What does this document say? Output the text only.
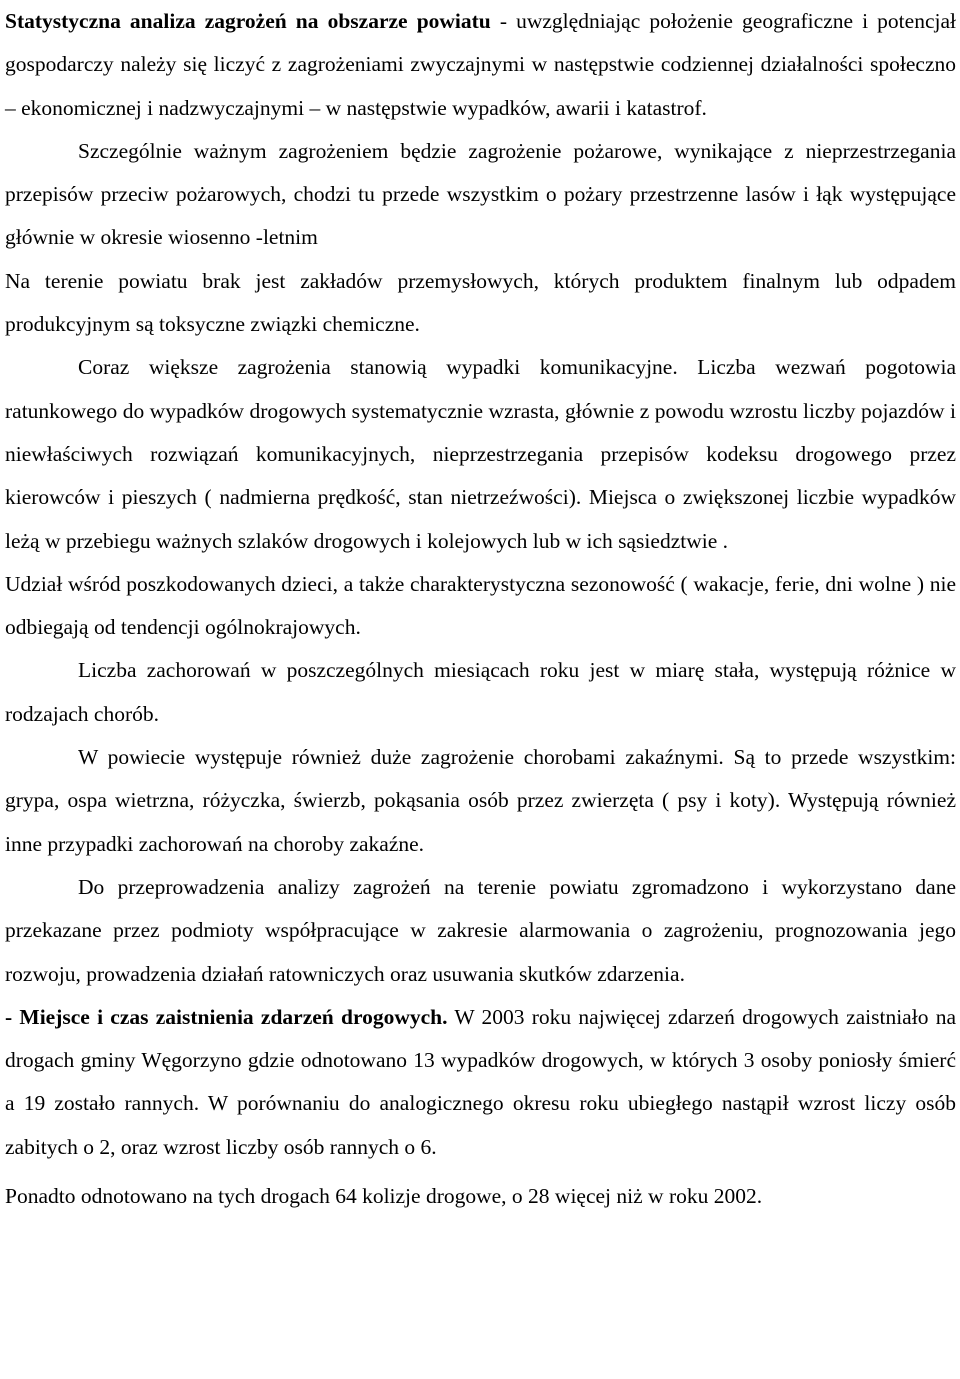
Statystyczna analiza zagrożeń na obszarze powiatu - uwzględniając położenie geograficzne i potencjał gospodarczy należy się liczyć z zagrożeniami zwyczajnymi w następstwie codziennej działalności społeczno – ekonomicznej i nadzwyczajnymi – w następstwie wypadków, awarii i katastrof.

Szczególnie ważnym zagrożeniem będzie zagrożenie pożarowe, wynikające z nieprzestrzegania przepisów przeciw pożarowych, chodzi tu przede wszystkim o pożary przestrzenne lasów i łąk występujące głównie w okresie wiosenno -letnim

Na terenie powiatu brak jest zakładów przemysłowych, których produktem finalnym lub odpadem produkcyjnym są toksyczne związki chemiczne.

Coraz większe zagrożenia stanowią wypadki komunikacyjne. Liczba wezwań pogotowia ratunkowego do wypadków drogowych systematycznie wzrasta, głównie z powodu wzrostu liczby pojazdów i niewłaściwych rozwiązań komunikacyjnych, nieprzestrzegania przepisów kodeksu drogowego przez kierowców i pieszych ( nadmierna prędkość, stan nietrzeźwości). Miejsca o zwiększonej liczbie wypadków leżą w przebiegu ważnych szlaków drogowych i kolejowych lub w ich sąsiedztwie .

Udział wśród poszkodowanych dzieci, a także charakterystyczna sezonowość ( wakacje, ferie, dni wolne ) nie odbiegają od tendencji ogólnokrajowych.

Liczba zachorowań w poszczególnych miesiącach roku jest w miarę stała, występują różnice w rodzajach chorób.

W powiecie występuje również duże zagrożenie chorobami zakaźnymi. Są to przede wszystkim: grypa, ospa wietrzna, różyczka, świerzb, pokąsania osób przez zwierzęta ( psy i koty). Występują również inne przypadki zachorowań na choroby zakaźne.

Do przeprowadzenia analizy zagrożeń na terenie powiatu zgromadzono i wykorzystano dane przekazane przez podmioty współpracujące w zakresie alarmowania o zagrożeniu, prognozowania jego rozwoju, prowadzenia działań ratowniczych oraz usuwania skutków zdarzenia.

- Miejsce i czas zaistnienia zdarzeń drogowych. W 2003 roku najwięcej zdarzeń drogowych zaistniało na drogach gminy Węgorzyno gdzie odnotowano 13 wypadków drogowych, w których 3 osoby poniosły śmierć a 19 zostało rannych. W porównaniu do analogicznego okresu roku ubiegłego nastąpił wzrost liczy osób zabitych o 2, oraz wzrost liczby osób rannych o 6.

Ponadto odnotowano na tych drogach 64 kolizje drogowe, o 28 więcej niż w roku 2002.
